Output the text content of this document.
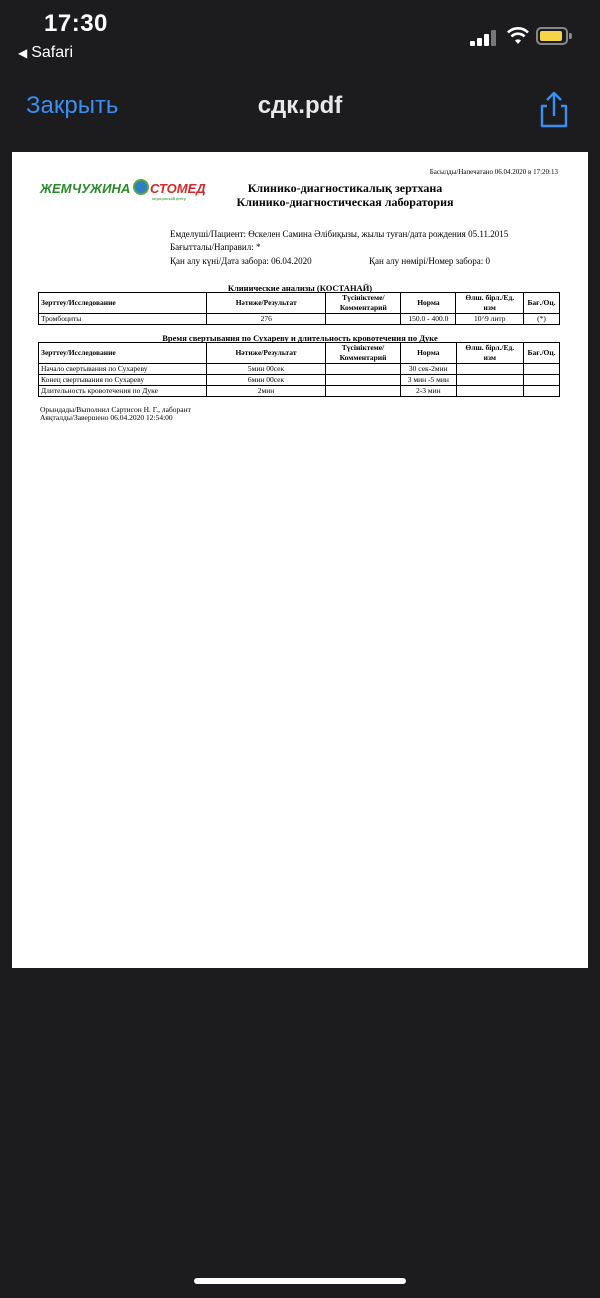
17:30
◀ Safari
Закрыть	сдк.pdf
Басылды/Напечатано 06.04.2020 в 17:20:13
ЖЕМЧУЖИНА СТОМЕД
медицинский центр
Клинико-диагностикалық зертхана
Клинико-диагностическая лаборатория
Емделуші/Пациент: Өскелен Самина Әлібиқызы, жылы туған/дата рождения 05.11.2015
Бағытталы/Направил: *
Қан алу күні/Дата забора: 06.04.2020	Қан алу нөмірі/Номер забора: 0
Клинические анализы (КОСТАНАЙ)
Зерттеу/Исследование	Нәтиже/Результат	Түсініктеме/Комментарий	Норма	Өлш. бірл./Ед. изм	Бағ./Оц.
Тромбоциты	276		150.0 - 400.0	10^9 литр	(*)
Время свертывания по Сухареву и длительность кровотечения по Дуке
Зерттеу/Исследование	Нәтиже/Результат	Түсініктеме/Комментарий	Норма	Өлш. бірл./Ед. изм	Бағ./Оц.
Начало свертывания по Сухареву	5мин 00сек		30 сек-2мин		
Конец свертывания по Сухареву	6мин 00сек		3 мин -5 мин		
Длительность кровотечения по Дуке	2мин		2-3 мин		
Орындады/Выполнил Сартисон Н. Г., лаборант
Аяқталды/Завершено 06.04.2020 12:54:00
